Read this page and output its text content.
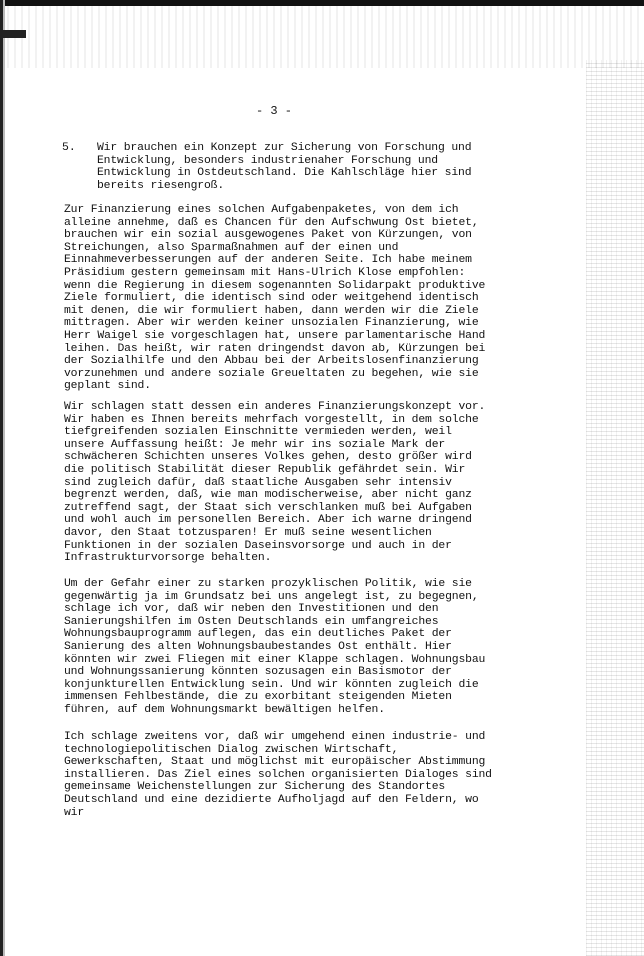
- 3 -
5. Wir brauchen ein Konzept zur Sicherung von Forschung und Entwicklung, besonders industrienaher Forschung und Entwicklung in Ostdeutschland. Die Kahlschläge hier sind bereits riesengroß.
Zur Finanzierung eines solchen Aufgabenpaketes, von dem ich alleine annehme, daß es Chancen für den Aufschwung Ost bietet, brauchen wir ein sozial ausgewogenes Paket von Kürzungen, von Streichungen, also Sparmaßnahmen auf der einen und Einnahmeverbesserungen auf der anderen Seite. Ich habe meinem Präsidium gestern gemeinsam mit Hans-Ulrich Klose empfohlen: wenn die Regierung in diesem sogenannten Solidarpakt produktive Ziele formuliert, die identisch sind oder weitgehend identisch mit denen, die wir formuliert haben, dann werden wir die Ziele mittragen. Aber wir werden keiner unsozialen Finanzierung, wie Herr Waigel sie vorgeschlagen hat, unsere parlamentarische Hand leihen. Das heißt, wir raten dringendst davon ab, Kürzungen bei der Sozialhilfe und den Abbau bei der Arbeitslosenfinanzierung vorzunehmen und andere soziale Greueltaten zu begehen, wie sie geplant sind.
Wir schlagen statt dessen ein anderes Finanzierungskonzept vor. Wir haben es Ihnen bereits mehrfach vorgestellt, in dem solche tiefgreifenden sozialen Einschnitte vermieden werden, weil unsere Auffassung heißt: Je mehr wir ins soziale Mark der schwächeren Schichten unseres Volkes gehen, desto größer wird die politisch Stabilität dieser Republik gefährdet sein. Wir sind zugleich dafür, daß staatliche Ausgaben sehr intensiv begrenzt werden, daß, wie man modischerweise, aber nicht ganz zutreffend sagt, der Staat sich verschlanken muß bei Aufgaben und wohl auch im personellen Bereich. Aber ich warne dringend davor, den Staat totzusparen! Er muß seine wesentlichen Funktionen in der sozialen Daseinsvorsorge und auch in der Infrastrukturvorsorge behalten.
Um der Gefahr einer zu starken prozyklischen Politik, wie sie gegenwärtig ja im Grundsatz bei uns angelegt ist, zu begegnen, schlage ich vor, daß wir neben den Investitionen und den Sanierungshilfen im Osten Deutschlands ein umfangreiches Wohnungsbauprogramm auflegen, das ein deutliches Paket der Sanierung des alten Wohnungsbaubestandes Ost enthält. Hier könnten wir zwei Fliegen mit einer Klappe schlagen. Wohnungsbau und Wohnungssanierung könnten sozusagen ein Basismotor der konjunkturellen Entwicklung sein. Und wir könnten zugleich die immensen Fehlbestände, die zu exorbitant steigenden Mieten führen, auf dem Wohnungsmarkt bewältigen helfen.
Ich schlage zweitens vor, daß wir umgehend einen industrie- und technologiepolitischen Dialog zwischen Wirtschaft, Gewerkschaften, Staat und möglichst mit europäischer Abstimmung installieren. Das Ziel eines solchen organisierten Dialoges sind gemeinsame Weichenstellungen zur Sicherung des Standortes Deutschland und eine dezidierte Aufholjagd auf den Feldern, wo wir
